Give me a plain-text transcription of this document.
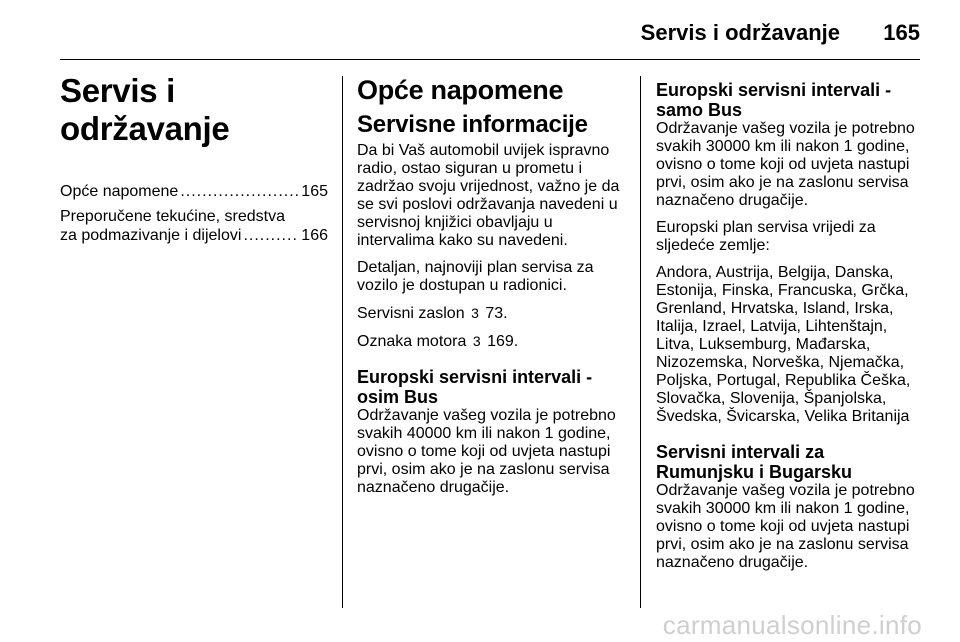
Servis i održavanje 165
Servis i održavanje
Opće napomene .....	165
Preporučene tekućine, sredstva
za podmazivanje i dijelovi .....	166
Opće napomene
Servisne informacije

Da bi Vaš automobil uvijek ispravno radio, ostao siguran u prometu i zadržao svoju vrijednost, važno je da se svi poslovi održavanja navedeni u servisnoj knjižici obavljaju u intervalima kako su navedeni.

Detaljan, najnoviji plan servisa za vozilo je dostupan u radionici.

Servisni zaslon 3 73.

Oznaka motora 3 169.

Europski servisni intervali - osim Bus

Održavanje vašeg vozila je potrebno svakih 40000 km ili nakon 1 godine, ovisno o tome koji od uvjeta nastupi prvi, osim ako je na zaslonu servisa naznačeno drugačije.

Europski servisni intervali - samo Bus

Održavanje vašeg vozila je potrebno svakih 30000 km ili nakon 1 godine, ovisno o tome koji od uvjeta nastupi prvi, osim ako je na zaslonu servisa naznačeno drugačije.

Europski plan servisa vrijedi za sljedeće zemlje:

Andora, Austrija, Belgija, Danska, Estonija, Finska, Francuska, Grčka, Grenland, Hrvatska, Island, Irska, Italija, Izrael, Latvija, Lihtenštajn, Litva, Luksemburg, Mađarska, Nizozemska, Norveška, Njemačka, Poljska, Portugal, Republika Češka, Slovačka, Slovenija, Španjolska, Švedska, Švicarska, Velika Britanija

Servisni intervali za Rumunjsku i Bugarsku

Održavanje vašeg vozila je potrebno svakih 30000 km ili nakon 1 godine, ovisno o tome koji od uvjeta nastupi prvi, osim ako je na zaslonu servisa naznačeno drugačije.

carmanualsonline.info
